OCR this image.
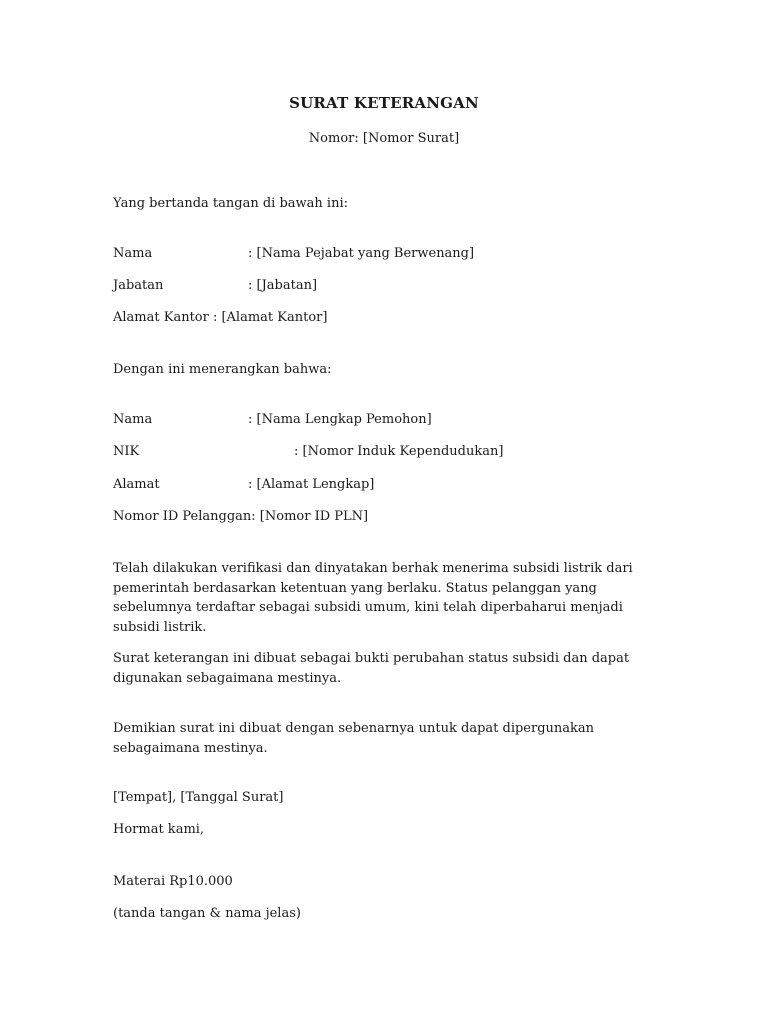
SURAT KETERANGAN
Nomor: [Nomor Surat]
Yang bertanda tangan di bawah ini:
Nama	: [Nama Pejabat yang Berwenang]
Jabatan	: [Jabatan]
Alamat Kantor : [Alamat Kantor]
Dengan ini menerangkan bahwa:
Nama	: [Nama Lengkap Pemohon]
NIK	: [Nomor Induk Kependudukan]
Alamat	: [Alamat Lengkap]
Nomor ID Pelanggan: [Nomor ID PLN]
Telah dilakukan verifikasi dan dinyatakan berhak menerima subsidi listrik dari pemerintah berdasarkan ketentuan yang berlaku. Status pelanggan yang sebelumnya terdaftar sebagai subsidi umum, kini telah diperbaharui menjadi subsidi listrik.
Surat keterangan ini dibuat sebagai bukti perubahan status subsidi dan dapat digunakan sebagaimana mestinya.
Demikian surat ini dibuat dengan sebenarnya untuk dapat dipergunakan sebagaimana mestinya.
[Tempat], [Tanggal Surat]
Hormat kami,
Materai Rp10.000
(tanda tangan & nama jelas)
